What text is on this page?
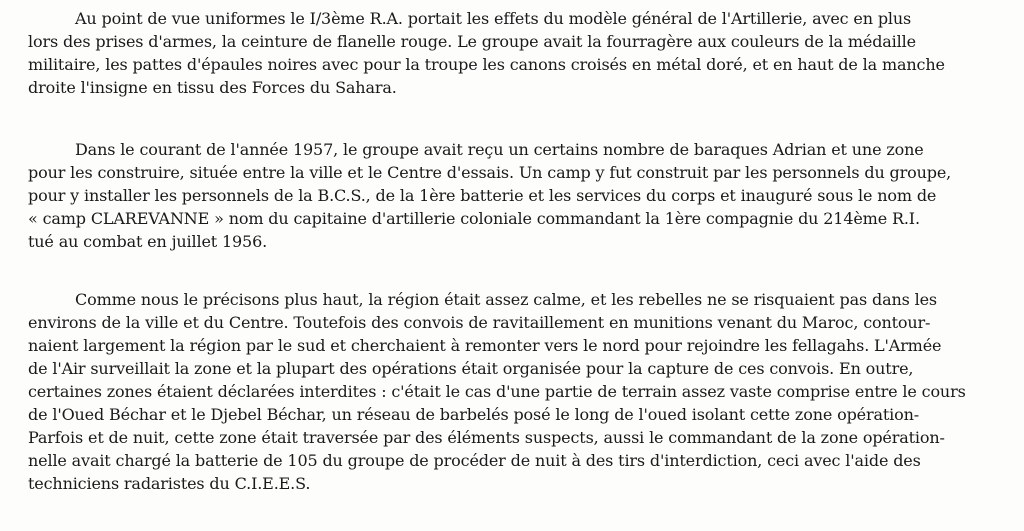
Au point de vue uniformes le I/3ème R.A. portait les effets du modèle général de l'Artillerie, avec en plus
lors des prises d'armes, la ceinture de flanelle rouge. Le groupe avait la fourragère aux couleurs de la médaille
militaire, les pattes d'épaules noires avec pour la troupe les canons croisés en métal doré, et en haut de la manche
droite l'insigne en tissu des Forces du Sahara.
Dans le courant de l'année 1957, le groupe avait reçu un certains nombre de baraques Adrian et une zone
pour les construire, située entre la ville et le Centre d'essais. Un camp y fut construit par les personnels du groupe,
pour y installer les personnels de la B.C.S., de la 1ère batterie et les services du corps et inauguré sous le nom de
« camp CLAREVANNE » nom du capitaine d'artillerie coloniale commandant la 1ère compagnie du 214ème R.I.
tué au combat en juillet 1956.
Comme nous le précisons plus haut, la région était assez calme, et les rebelles ne se risquaient pas dans les
environs de la ville et du Centre. Toutefois des convois de ravitaillement en munitions venant du Maroc, contour-
naient largement la région par le sud et cherchaient à remonter vers le nord pour rejoindre les fellagahs. L'Armée
de l'Air surveillait la zone et la plupart des opérations était organisée pour la capture de ces convois. En outre,
certaines zones étaient déclarées interdites : c'était le cas d'une partie de terrain assez vaste comprise entre le cours
de l'Oued Béchar et le Djebel Béchar, un réseau de barbelés posé le long de l'oued isolant cette zone opération-
Parfois et de nuit, cette zone était traversée par des éléments suspects, aussi le commandant de la zone opération-
nelle avait chargé la batterie de 105 du groupe de procéder de nuit à des tirs d'interdiction, ceci avec l'aide des
techniciens radaristes du C.I.E.E.S.
